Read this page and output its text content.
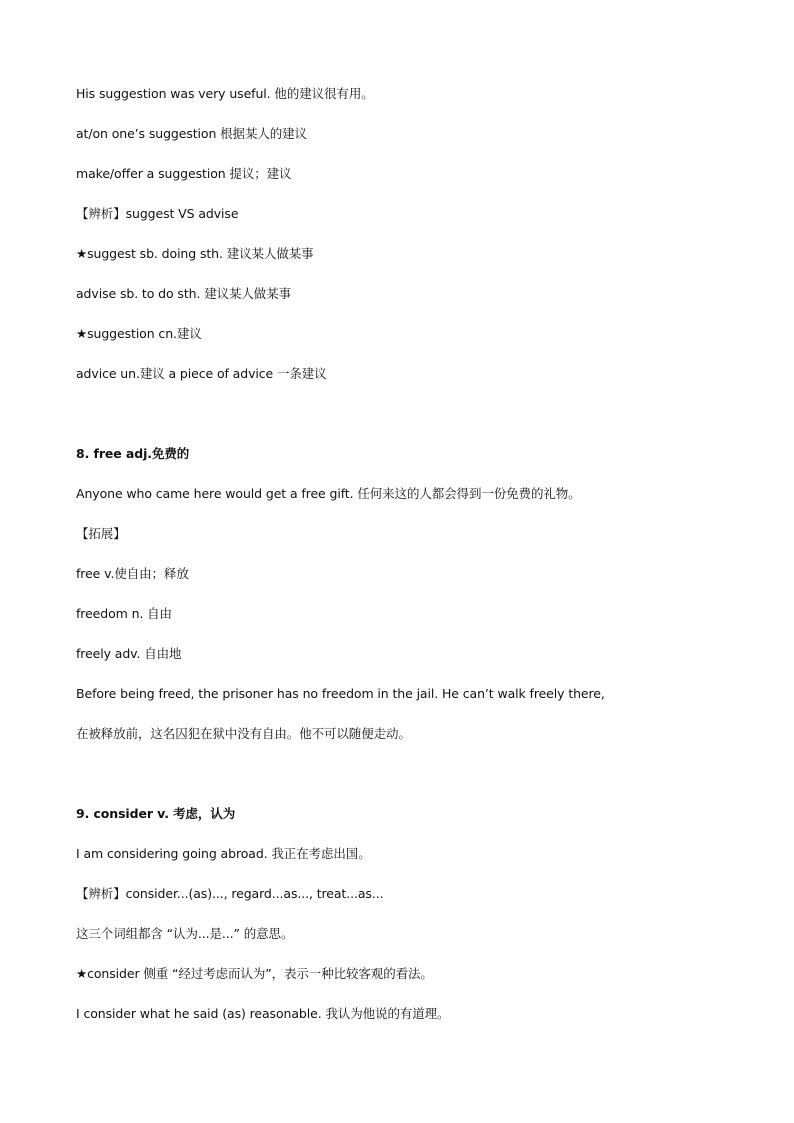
His suggestion was very useful. 他的建议很有用。
at/on one’s suggestion 根据某人的建议
make/offer a suggestion 提议；建议
【辨析】suggest VS advise
★suggest sb. doing sth. 建议某人做某事
advise sb. to do sth. 建议某人做某事
★suggestion cn.建议
advice un.建议 a piece of advice 一条建议
8. free adj.免费的
Anyone who came here would get a free gift. 任何来这的人都会得到一份免费的礼物。
【拓展】
free v.使自由；释放
freedom n. 自由
freely adv. 自由地
Before being freed, the prisoner has no freedom in the jail. He can’t walk freely there,
在被释放前，这名囚犯在狱中没有自由。他不可以随便走动。
9. consider v. 考虑，认为
I am considering going abroad. 我正在考虑出国。
【辨析】consider...(as)..., regard...as..., treat...as...
这三个词组都含 “认为...是...” 的意思。
★consider 侧重 “经过考虑而认为”，表示一种比较客观的看法。
I consider what he said (as) reasonable. 我认为他说的有道理。
